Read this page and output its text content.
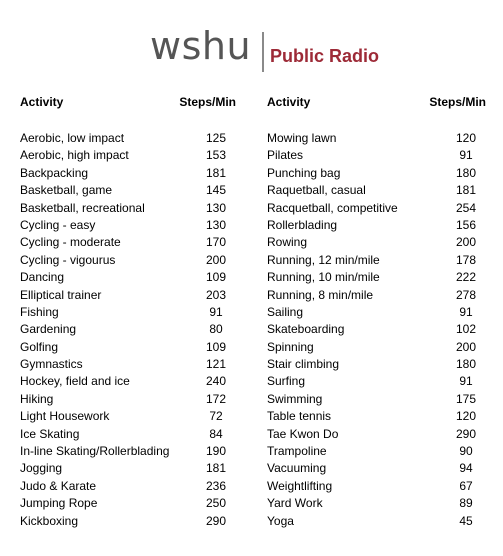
wshu Public Radio
Activity	Steps/Min
Aerobic, low impact	125
Aerobic, high impact	153
Backpacking	181
Basketball, game	145
Basketball, recreational	130
Cycling - easy	130
Cycling - moderate	170
Cycling - vigourus	200
Dancing	109
Elliptical trainer	203
Fishing	91
Gardening	80
Golfing	109
Gymnastics	121
Hockey, field and ice	240
Hiking	172
Light Housework	72
Ice Skating	84
In-line Skating/Rollerblading	190
Jogging	181
Judo & Karate	236
Jumping Rope	250
Kickboxing	290
Activity	Steps/Min
Mowing lawn	120
Pilates	91
Punching bag	180
Raquetball, casual	181
Racquetball, competitive	254
Rollerblading	156
Rowing	200
Running, 12 min/mile	178
Running, 10 min/mile	222
Running, 8 min/mile	278
Sailing	91
Skateboarding	102
Spinning	200
Stair climbing	180
Surfing	91
Swimming	175
Table tennis	120
Tae Kwon Do	290
Trampoline	90
Vacuuming	94
Weightlifting	67
Yard Work	89
Yoga	45
